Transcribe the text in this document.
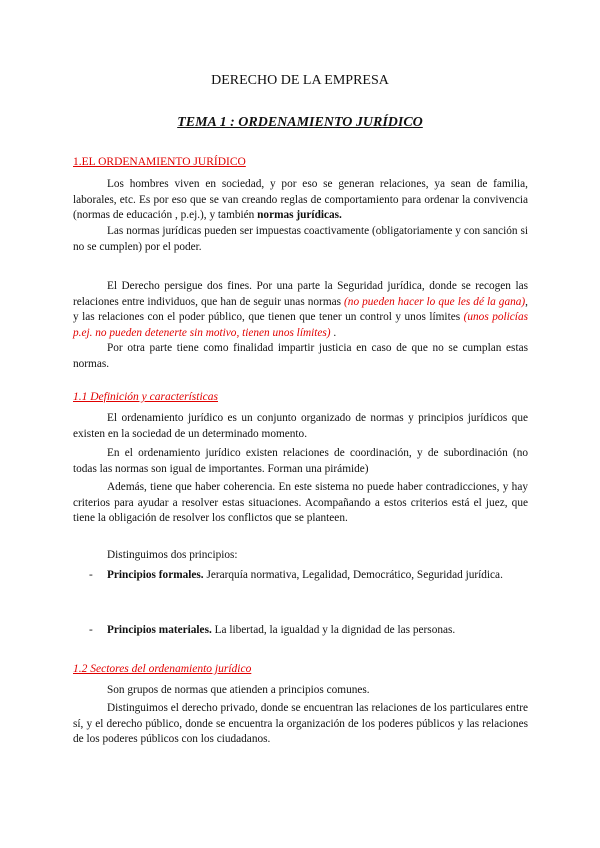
DERECHO DE LA EMPRESA
TEMA 1 : ORDENAMIENTO JURÍDICO
1.EL ORDENAMIENTO JURÍDICO

Los hombres viven en sociedad, y por eso se generan relaciones, ya sean de familia, laborales, etc. Es por eso que se van creando reglas de comportamiento para ordenar la convivencia (normas de educación , p.ej.), y también normas jurídicas.

Las normas jurídicas pueden ser impuestas coactivamente (obligatoriamente y con sanción si no se cumplen) por el poder.

El Derecho persigue dos fines. Por una parte la Seguridad jurídica, donde se recogen las relaciones entre individuos, que han de seguir unas normas (no pueden hacer lo que les dé la gana), y las relaciones con el poder público, que tienen que tener un control y unos límites (unos policías p.ej. no pueden detenerte sin motivo, tienen unos límites) .

Por otra parte tiene como finalidad impartir justicia en caso de que no se cumplan estas normas.

1.1 Definición y características

El ordenamiento jurídico es un conjunto organizado de normas y principios jurídicos que existen en la sociedad de un determinado momento.

En el ordenamiento jurídico existen relaciones de coordinación, y de subordinación (no todas las normas son igual de importantes. Forman una pirámide)

Además, tiene que haber coherencia. En este sistema no puede haber contradicciones, y hay criterios para ayudar a resolver estas situaciones. Acompañando a estos criterios está el juez, que tiene la obligación de resolver los conflictos que se planteen.

Distinguimos dos principios:

- Principios formales. Jerarquía normativa, Legalidad, Democrático, Seguridad jurídica.
- Principios materiales. La libertad, la igualdad y la dignidad de las personas.
1.2 Sectores del ordenamiento jurídico

Son grupos de normas que atienden a principios comunes.

Distinguimos el derecho privado, donde se encuentran las relaciones de los particulares entre sí, y el derecho público, donde se encuentra la organización de los poderes públicos y las relaciones de los poderes públicos con los ciudadanos.
